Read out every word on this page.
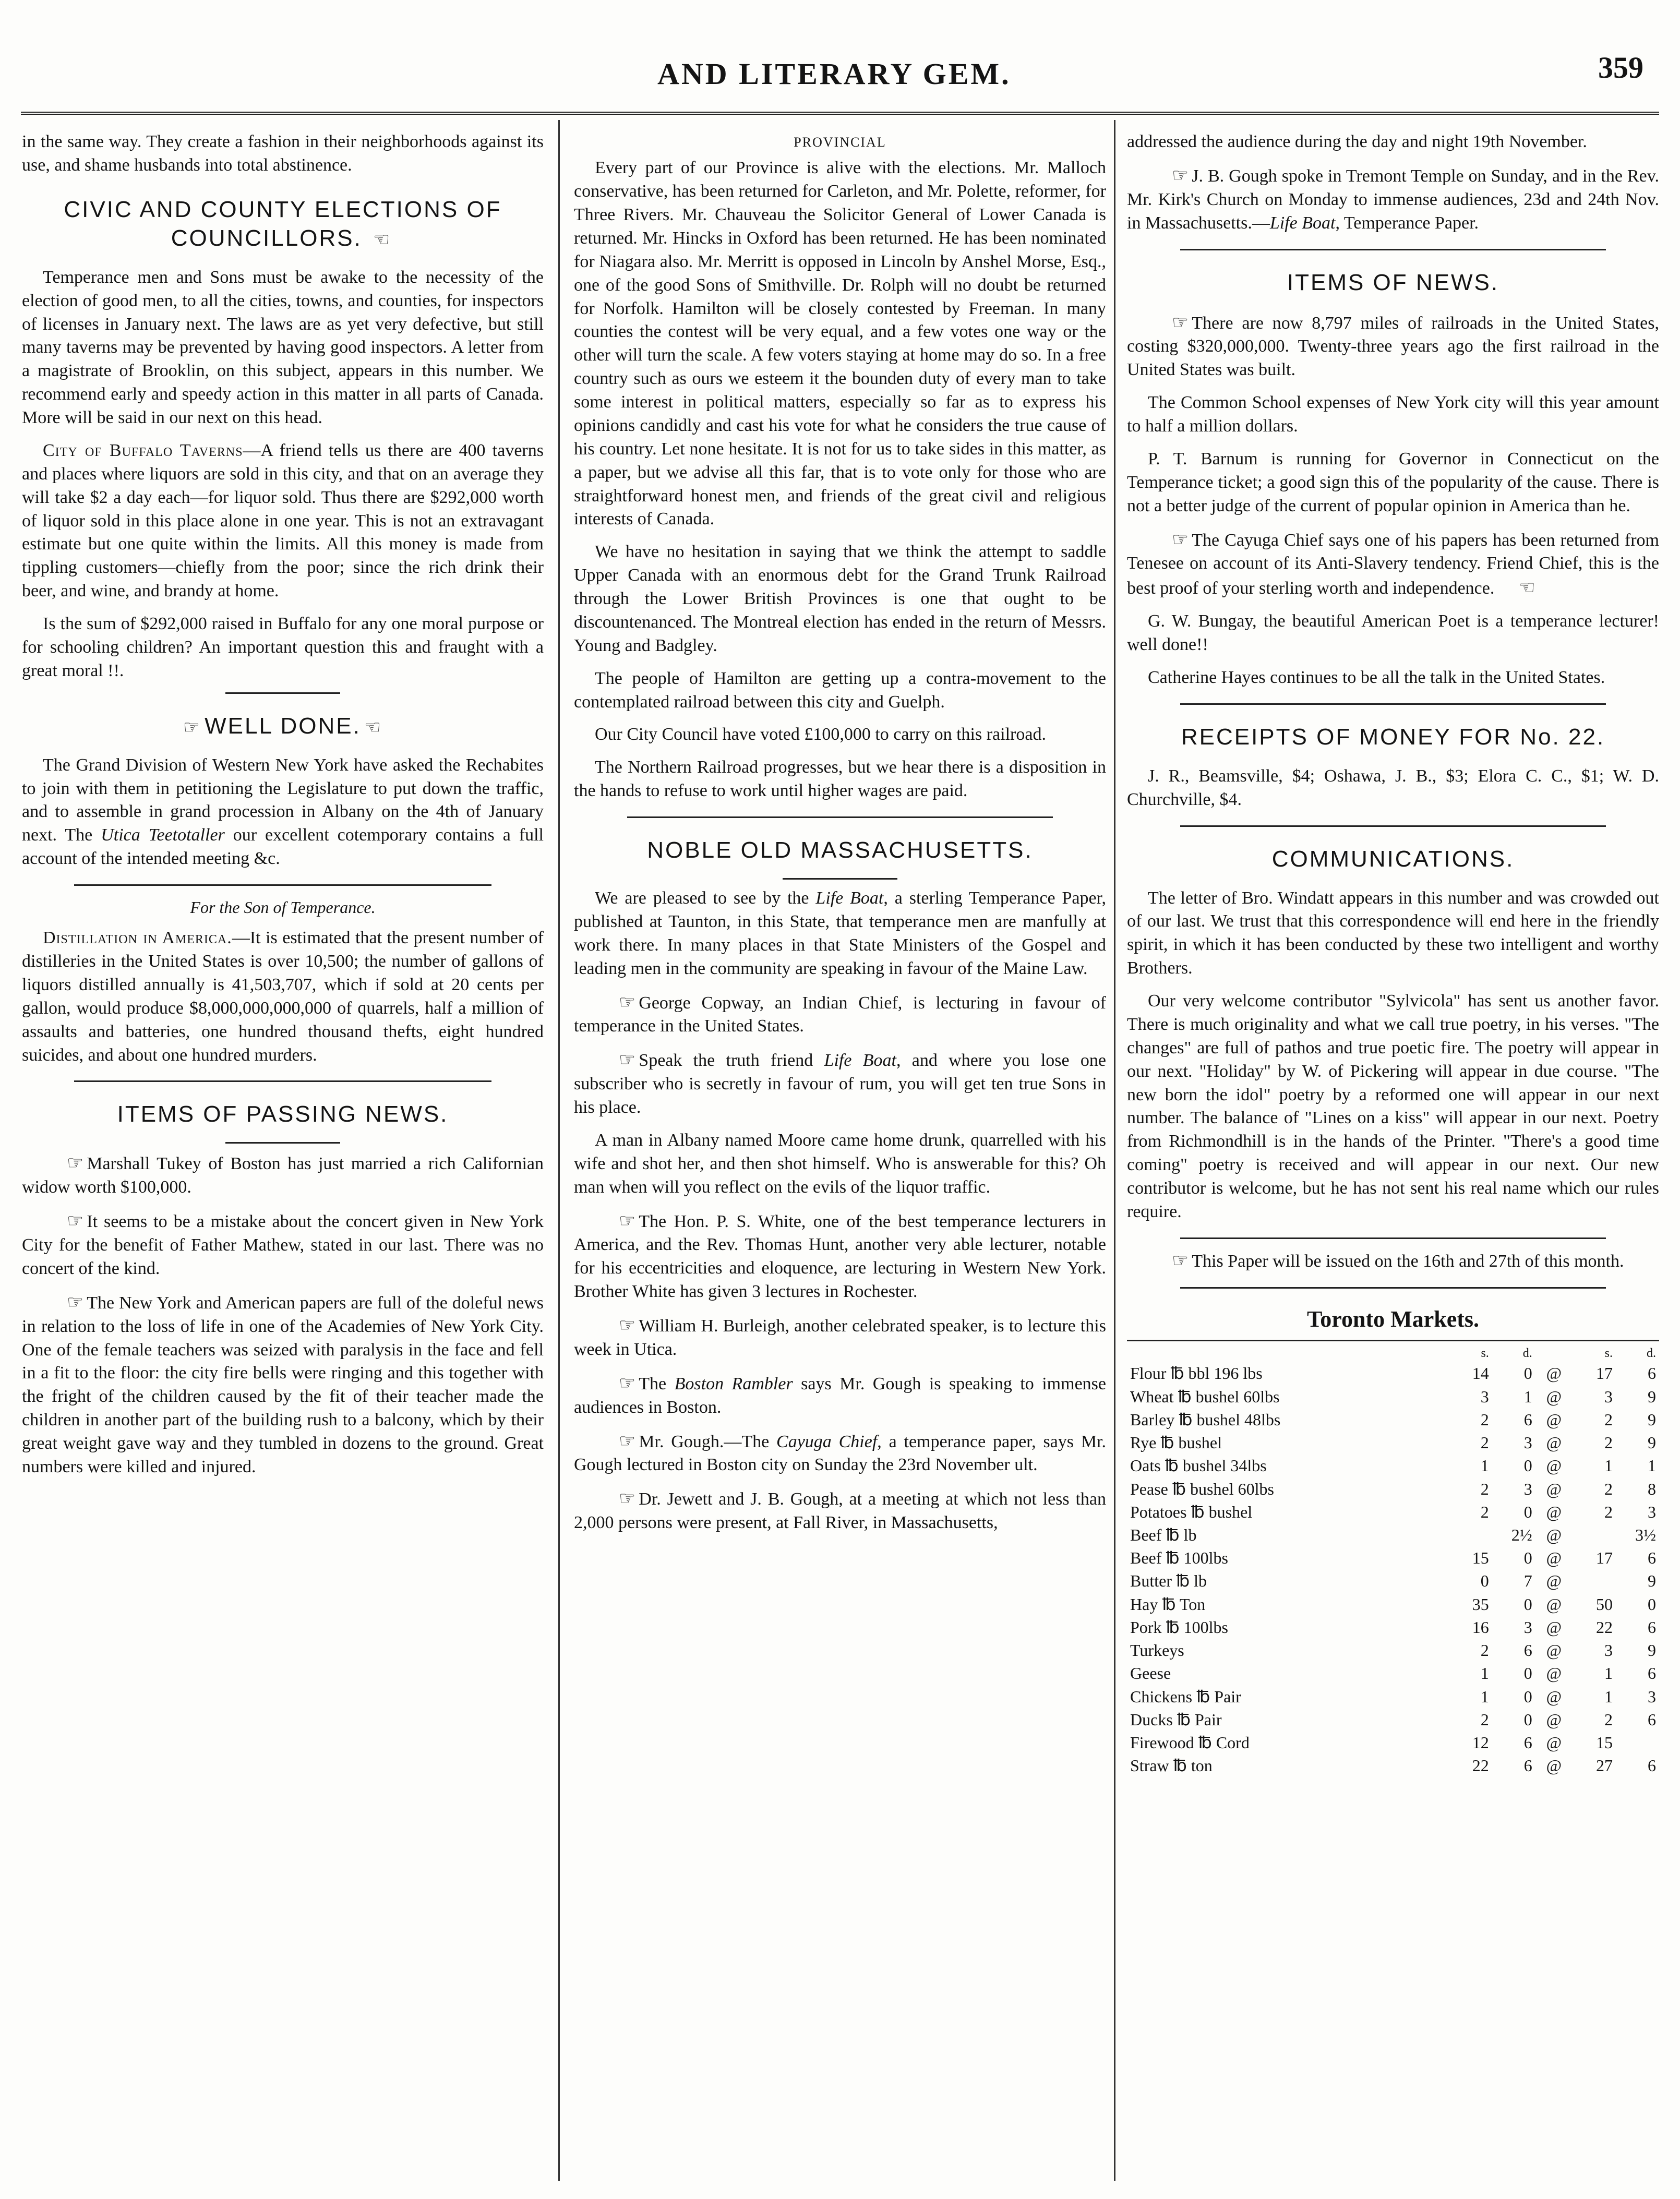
AND LITERARY GEM.	359

in the same way. They create a fashion in their neighborhoods against its use, and shame husbands into total abstinence.

CIVIC AND COUNTY ELECTIONS OF COUNCILLORS. ☜

Temperance men and Sons must be awake to the necessity of the election of good men, to all the cities, towns, and counties, for inspectors of licenses in January next. The laws are as yet very defective, but still many taverns may be prevented by having good inspectors. A letter from a magistrate of Brooklin, on this subject, appears in this number. We recommend early and speedy action in this matter in all parts of Canada. More will be said in our next on this head.

City of Buffalo Taverns—A friend tells us there are 400 taverns and places where liquors are sold in this city, and that on an average they will take $2 a day each—for liquor sold. Thus there are $292,000 worth of liquor sold in this place alone in one year. This is not an extravagant estimate but one quite within the limits. All this money is made from tippling customers—chiefly from the poor; since the rich drink their beer, and wine, and brandy at home.

Is the sum of $292,000 raised in Buffalo for any one moral purpose or for schooling children? An important question this and fraught with a great moral !!.

☞ WELL DONE. ☜

The Grand Division of Western New York have asked the Rechabites to join with them in petitioning the Legislature to put down the traffic, and to assemble in grand procession in Albany on the 4th of January next. The Utica Teetotaller our excellent cotemporary contains a full account of the intended meeting &c.

For the Son of Temperance.

Distillation in America.—It is estimated that the present number of distilleries in the United States is over 10,500; the number of gallons of liquors distilled annually is 41,503,707, which if sold at 20 cents per gallon, would produce $8,000,000,000,000 of quarrels, half a million of assaults and batteries, one hundred thousand thefts, eight hundred suicides, and about one hundred murders.

ITEMS OF PASSING NEWS.

☞ Marshall Tukey of Boston has just married a rich Californian widow worth $100,000.

☞ It seems to be a mistake about the concert given in New York City for the benefit of Father Mathew, stated in our last. There was no concert of the kind.

☞ The New York and American papers are full of the doleful news in relation to the loss of life in one of the Academies of New York City. One of the female teachers was seized with paralysis in the face and fell in a fit to the floor: the city fire bells were ringing and this together with the fright of the children caused by the fit of their teacher made the children in another part of the building rush to a balcony, which by their great weight gave way and they tumbled in dozens to the ground. Great numbers were killed and injured.

PROVINCIAL

Every part of our Province is alive with the elections. Mr. Malloch conservative, has been returned for Carleton, and Mr. Polette, reformer, for Three Rivers. Mr. Chauveau the Solicitor General of Lower Canada is returned. Mr. Hincks in Oxford has been returned. He has been nominated for Niagara also. Mr. Merritt is opposed in Lincoln by Anshel Morse, Esq., one of the good Sons of Smithville. Dr. Rolph will no doubt be returned for Norfolk. Hamilton will be closely contested by Freeman. In many counties the contest will be very equal, and a few votes one way or the other will turn the scale. A few voters staying at home may do so. In a free country such as ours we esteem it the bounden duty of every man to take some interest in political matters, especially so far as to express his opinions candidly and cast his vote for what he considers the true cause of his country. Let none hesitate. It is not for us to take sides in this matter, as a paper, but we advise all this far, that is to vote only for those who are straightforward honest men, and friends of the great civil and religious interests of Canada.

We have no hesitation in saying that we think the attempt to saddle Upper Canada with an enormous debt for the Grand Trunk Railroad through the Lower British Provinces is one that ought to be discountenanced. The Montreal election has ended in the return of Messrs. Young and Badgley.

The people of Hamilton are getting up a contra-movement to the contemplated railroad between this city and Guelph.

Our City Council have voted £100,000 to carry on this railroad.

The Northern Railroad progresses, but we hear there is a disposition in the hands to refuse to work until higher wages are paid.

NOBLE OLD MASSACHUSETTS.

We are pleased to see by the Life Boat, a sterling Temperance Paper, published at Taunton, in this State, that temperance men are manfully at work there. In many places in that State Ministers of the Gospel and leading men in the community are speaking in favour of the Maine Law.

☞ George Copway, an Indian Chief, is lecturing in favour of temperance in the United States.

☞ Speak the truth friend Life Boat, and where you lose one subscriber who is secretly in favour of rum, you will get ten true Sons in his place.

A man in Albany named Moore came home drunk, quarrelled with his wife and shot her, and then shot himself. Who is answerable for this? Oh man when will you reflect on the evils of the liquor traffic.

☞ The Hon. P. S. White, one of the best temperance lecturers in America, and the Rev. Thomas Hunt, another very able lecturer, notable for his eccentricities and eloquence, are lecturing in Western New York. Brother White has given 3 lectures in Rochester.

☞ William H. Burleigh, another celebrated speaker, is to lecture this week in Utica.

☞ The Boston Rambler says Mr. Gough is speaking to immense audiences in Boston.

☞ Mr. Gough.—The Cayuga Chief, a temperance paper, says Mr. Gough lectured in Boston city on Sunday the 23rd November ult.

☞ Dr. Jewett and J. B. Gough, at a meeting at which not less than 2,000 persons were present, at Fall River, in Massachusetts,

addressed the audience during the day and night 19th November.

☞ J. B. Gough spoke in Tremont Temple on Sunday, and in the Rev. Mr. Kirk's Church on Monday to immense audiences, 23d and 24th Nov. in Massachusetts.—Life Boat, Temperance Paper.

ITEMS OF NEWS.

☞ There are now 8,797 miles of railroads in the United States, costing $320,000,000. Twenty-three years ago the first railroad in the United States was built.

The Common School expenses of New York city will this year amount to half a million dollars.

P. T. Barnum is running for Governor in Connecticut on the Temperance ticket; a good sign this of the popularity of the cause. There is not a better judge of the current of popular opinion in America than he.

☞ The Cayuga Chief says one of his papers has been returned from Tenesee on account of its Anti-Slavery tendency. Friend Chief, this is the best proof of your sterling worth and independence. ☜

G. W. Bungay, the beautiful American Poet is a temperance lecturer! well done!!

Catherine Hayes continues to be all the talk in the United States.

RECEIPTS OF MONEY FOR No. 22.

J. R., Beamsville, $4; Oshawa, J. B., $3; Elora C. C., $1; W. D. Churchville, $4.

COMMUNICATIONS.

The letter of Bro. Windatt appears in this number and was crowded out of our last. We trust that this correspondence will end here in the friendly spirit, in which it has been conducted by these two intelligent and worthy Brothers.

Our very welcome contributor "Sylvicola" has sent us another favor. There is much originality and what we call true poetry, in his verses. "The changes" are full of pathos and true poetic fire. The poetry will appear in our next. "Holiday" by W. of Pickering will appear in due course. "The new born the idol" poetry by a reformed one will appear in our next number. The balance of "Lines on a kiss" will appear in our next. Poetry from Richmondhill is in the hands of the Printer. "There's a good time coming" poetry is received and will appear in our next. Our new contributor is welcome, but he has not sent his real name which our rules require.

☞ This Paper will be issued on the 16th and 27th of this month.

Toronto Markets.
	s.	d.		s.	d.
Flour ℔ bbl 196 lbs	14	0	@	17	6
Wheat ℔ bushel 60lbs	3	1	@	3	9
Barley ℔ bushel 48lbs	2	6	@	2	9
Rye ℔ bushel	2	3	@	2	9
Oats ℔ bushel 34lbs	1	0	@	1	1
Pease ℔ bushel 60lbs	2	3	@	2	8
Potatoes ℔ bushel	2	0	@	2	3
Beef ℔ lb		2½	@		3½
Beef ℔ 100lbs	15	0	@	17	6
Butter ℔ lb	0	7	@		9
Hay ℔ Ton	35	0	@	50	0
Pork ℔ 100lbs	16	3	@	22	6
Turkeys	2	6	@	3	9
Geese	1	0	@	1	6
Chickens ℔ Pair	1	0	@	1	3
Ducks ℔ Pair	2	0	@	2	6
Firewood ℔ Cord	12	6	@	15	
Straw ℔ ton	22	6	@	27	6
